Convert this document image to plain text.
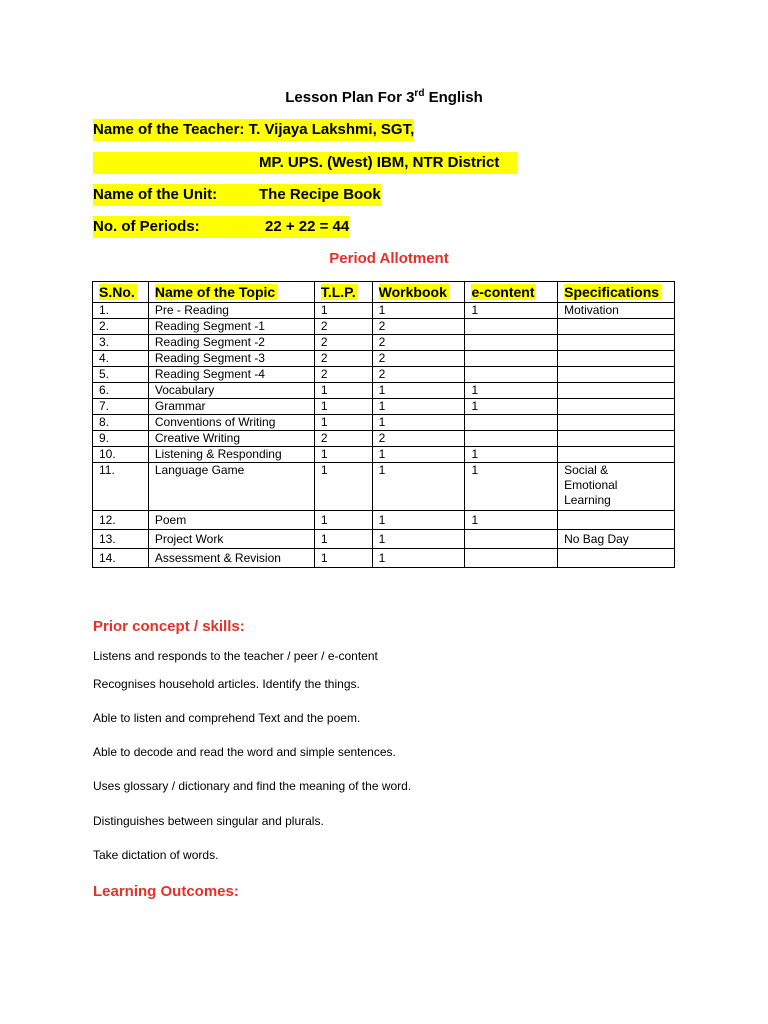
Lesson Plan For 3rd English
Name of the Teacher: T. Vijaya Lakshmi, SGT,
MP. UPS. (West) IBM, NTR District
Name of the Unit:	The Recipe Book
No. of Periods:	22 + 22 = 44
Period Allotment
S.No.	Name of the Topic	T.L.P.	Workbook	e-content	Specifications
1.	Pre - Reading	1	1	1	Motivation
2.	Reading Segment -1	2	2		
3.	Reading Segment -2	2	2		
4.	Reading Segment -3	2	2		
5.	Reading Segment -4	2	2		
6.	Vocabulary	1	1	1	
7.	Grammar	1	1	1	
8.	Conventions of Writing	1	1		
9.	Creative Writing	2	2		
10.	Listening & Responding	1	1	1	
11.	Language Game	1	1	1	Social & Emotional Learning
12.	Poem	1	1	1	
13.	Project Work	1	1		No Bag Day
14.	Assessment & Revision	1	1		
Prior concept / skills:
Listens and responds to the teacher / peer / e-content
Recognises household articles. Identify the things.
Able to listen and comprehend Text and the poem.
Able to decode and read the word and simple sentences.
Uses glossary / dictionary and find the meaning of the word.
Distinguishes between singular and plurals.
Take dictation of words.
Learning Outcomes:
